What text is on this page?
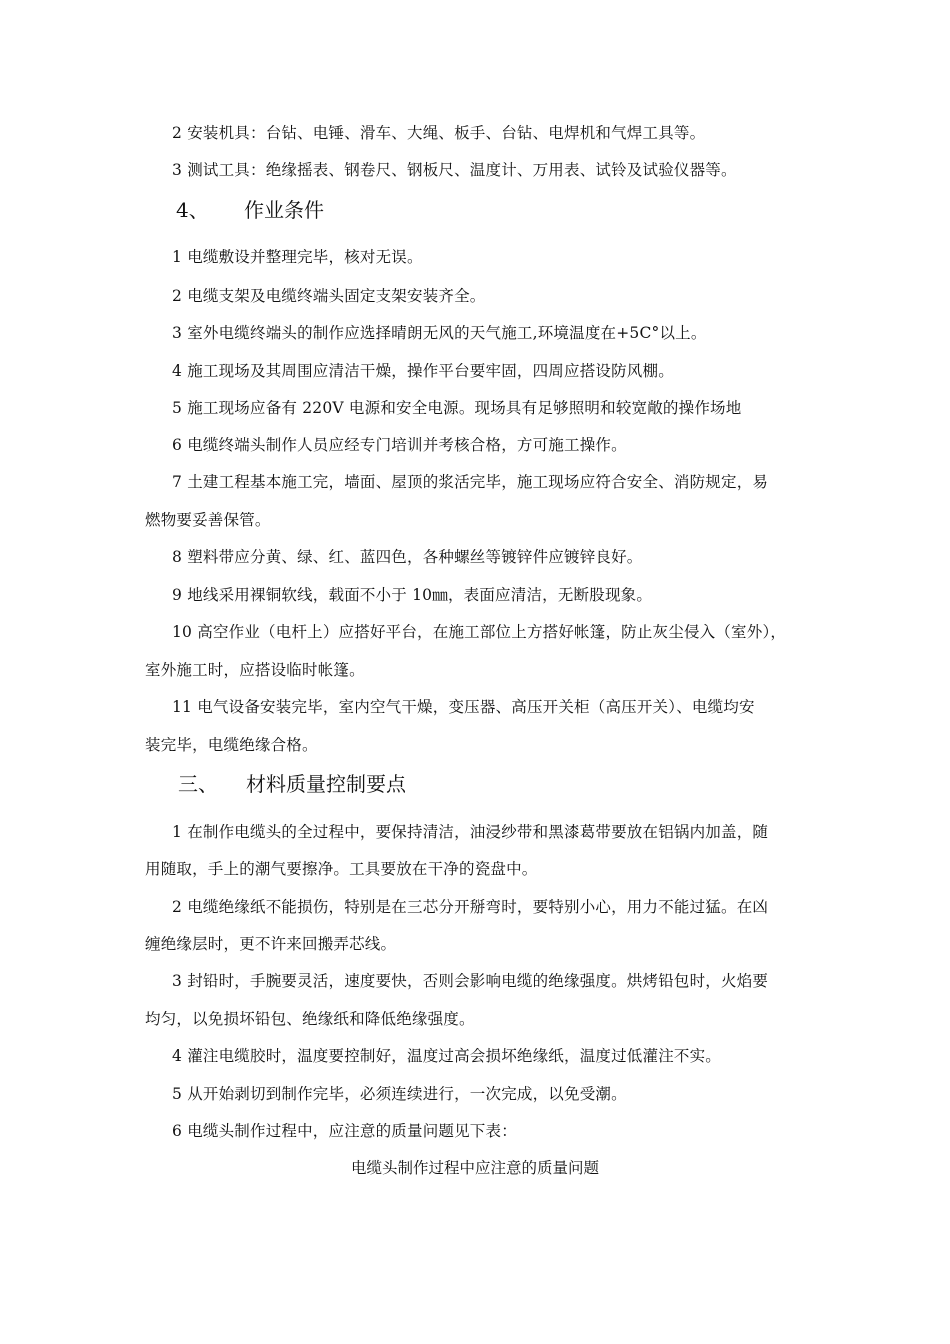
2 安装机具：台钻、电锤、滑车、大绳、板手、台钻、电焊机和气焊工具等。
3 测试工具：绝缘摇表、钢卷尺、钢板尺、温度计、万用表、试铃及试验仪器等。
4、 作业条件
1 电缆敷设并整理完毕，核对无误。
2 电缆支架及电缆终端头固定支架安装齐全。
3 室外电缆终端头的制作应选择晴朗无风的天气施工,环境温度在+5C°以上。
4 施工现场及其周围应清洁干燥，操作平台要牢固，四周应搭设防风棚。
5 施工现场应备有 220V 电源和安全电源。现场具有足够照明和较宽敞的操作场地
6 电缆终端头制作人员应经专门培训并考核合格，方可施工操作。
7 土建工程基本施工完，墙面、屋顶的浆活完毕，施工现场应符合安全、消防规定，易
燃物要妥善保管。
8 塑料带应分黄、绿、红、蓝四色，各种螺丝等镀锌件应镀锌良好。
9 地线采用裸铜软线，载面不小于 10㎜，表面应清洁，无断股现象。
10 高空作业（电杆上）应搭好平台，在施工部位上方搭好帐篷，防止灰尘侵入（室外），
室外施工时，应搭设临时帐篷。
11 电气设备安装完毕，室内空气干燥，变压器、高压开关柜（高压开关）、电缆均安
装完毕，电缆绝缘合格。
三、 材料质量控制要点
1 在制作电缆头的全过程中，要保持清洁，油浸纱带和黑漆葛带要放在铝锅内加盖，随
用随取，手上的潮气要擦净。工具要放在干净的瓷盘中。
2 电缆绝缘纸不能损伤，特别是在三芯分开掰弯时，要特别小心，用力不能过猛。在凶
缠绝缘层时，更不许来回搬弄芯线。
3 封铅时，手腕要灵活，速度要快，否则会影响电缆的绝缘强度。烘烤铅包时，火焰要
均匀，以免损坏铅包、绝缘纸和降低绝缘强度。
4 灌注电缆胶时，温度要控制好，温度过高会损坏绝缘纸，温度过低灌注不实。
5 从开始剥切到制作完毕，必须连续进行，一次完成，以免受潮。
6 电缆头制作过程中，应注意的质量问题见下表：
电缆头制作过程中应注意的质量问题
